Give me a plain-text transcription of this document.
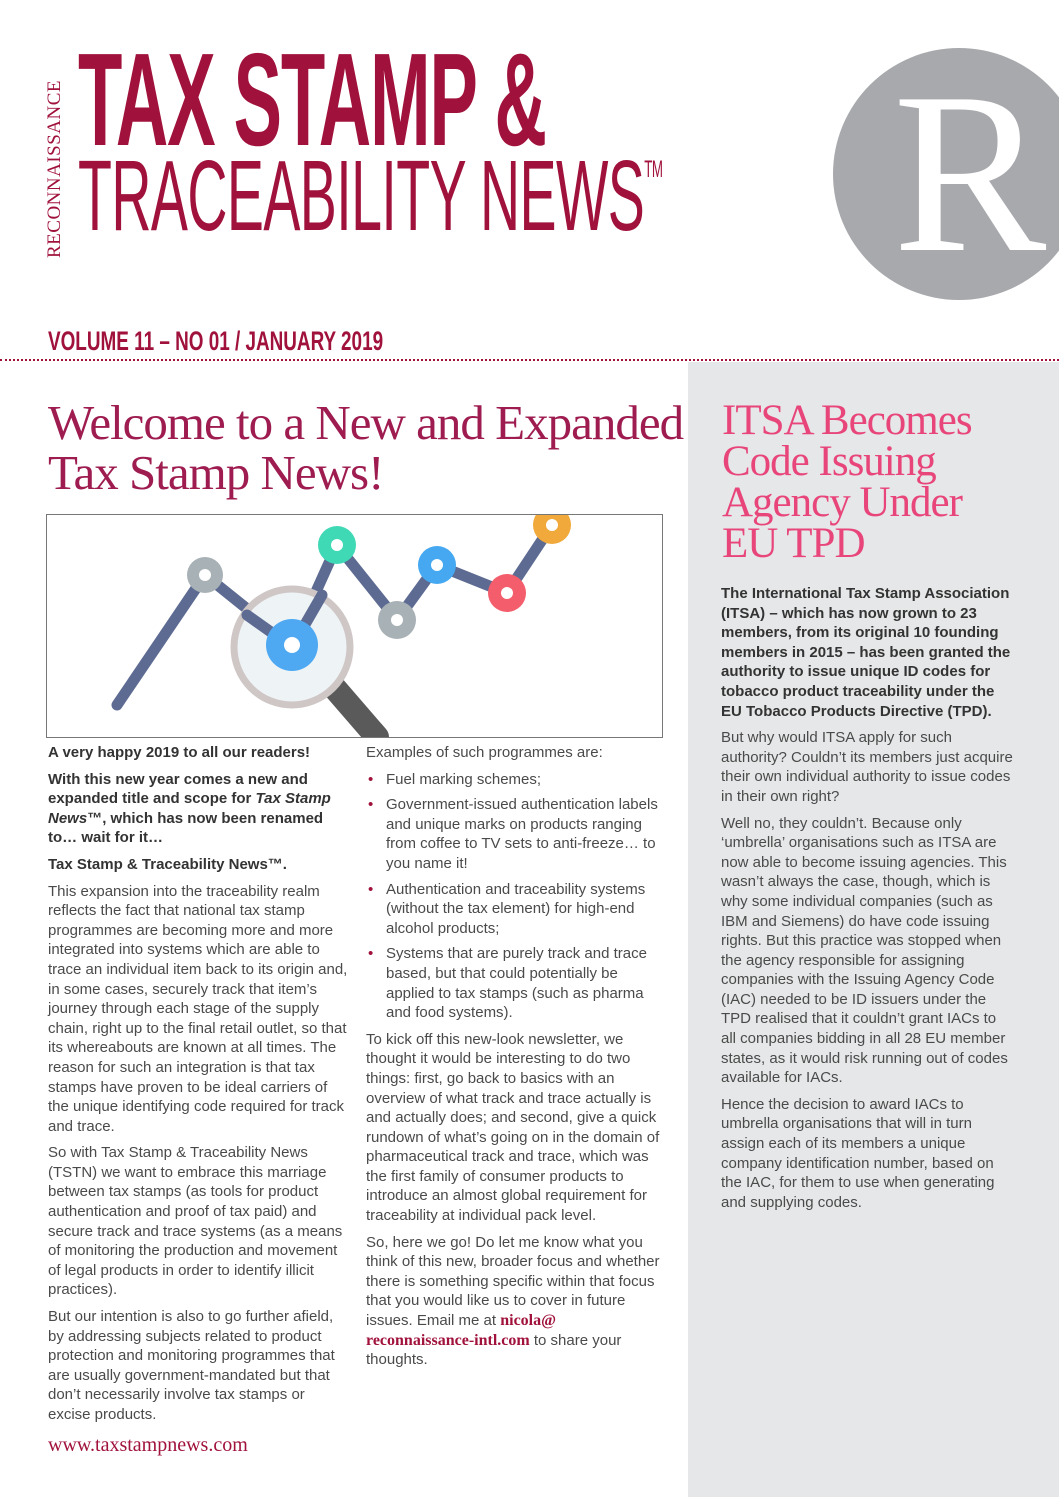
RECONNAISSANCE TAX STAMP &
TRACEABILITY NEWS™ R
VOLUME 11 – NO 01 / JANUARY 2019
Welcome to a New and Expanded Tax Stamp News!
ITSA Becomes Code Issuing Agency Under EU TPD

A very happy 2019 to all our readers!

With this new year comes a new and expanded title and scope for Tax Stamp News™, which has now been renamed to… wait for it…

Tax Stamp & Traceability News™.

This expansion into the traceability realm reflects the fact that national tax stamp programmes are becoming more and more integrated into systems which are able to trace an individual item back to its origin and, in some cases, securely track that item’s journey through each stage of the supply chain, right up to the final retail outlet, so that its whereabouts are known at all times. The reason for such an integration is that tax stamps have proven to be ideal carriers of the unique identifying code required for track and trace.

So with Tax Stamp & Traceability News (TSTN) we want to embrace this marriage between tax stamps (as tools for product authentication and proof of tax paid) and secure track and trace systems (as a means of monitoring the production and movement of legal products in order to identify illicit practices).

But our intention is also to go further afield, by addressing subjects related to product protection and monitoring programmes that are usually government-mandated but that don’t necessarily involve tax stamps or excise products.

Examples of such programmes are:

• Fuel marking schemes;
• Government-issued authentication labels and unique marks on products ranging from coffee to TV sets to anti-freeze… to you name it!
• Authentication and traceability systems (without the tax element) for high-end alcohol products;
• Systems that are purely track and trace based, but that could potentially be applied to tax stamps (such as pharma and food systems).

To kick off this new-look newsletter, we thought it would be interesting to do two things: first, go back to basics with an overview of what track and trace actually is and actually does; and second, give a quick rundown of what’s going on in the domain of pharmaceutical track and trace, which was the first family of consumer products to introduce an almost global requirement for traceability at individual pack level.

So, here we go! Do let me know what you think of this new, broader focus and whether there is something specific within that focus that you would like us to cover in future issues. Email me at nicola@ reconnaissance-intl.com to share your thoughts.

The International Tax Stamp Association (ITSA) – which has now grown to 23 members, from its original 10 founding members in 2015 – has been granted the authority to issue unique ID codes for tobacco product traceability under the EU Tobacco Products Directive (TPD).

But why would ITSA apply for such authority? Couldn’t its members just acquire their own individual authority to issue codes in their own right?

Well no, they couldn’t. Because only ‘umbrella’ organisations such as ITSA are now able to become issuing agencies. This wasn’t always the case, though, which is why some individual companies (such as IBM and Siemens) do have code issuing rights. But this practice was stopped when the agency responsible for assigning companies with the Issuing Agency Code (IAC) needed to be ID issuers under the TPD realised that it couldn’t grant IACs to all companies bidding in all 28 EU member states, as it would risk running out of codes available for IACs.

Hence the decision to award IACs to umbrella organisations that will in turn assign each of its members a unique company identification number, based on the IAC, for them to use when generating and supplying codes.

www.taxstampnews.com
